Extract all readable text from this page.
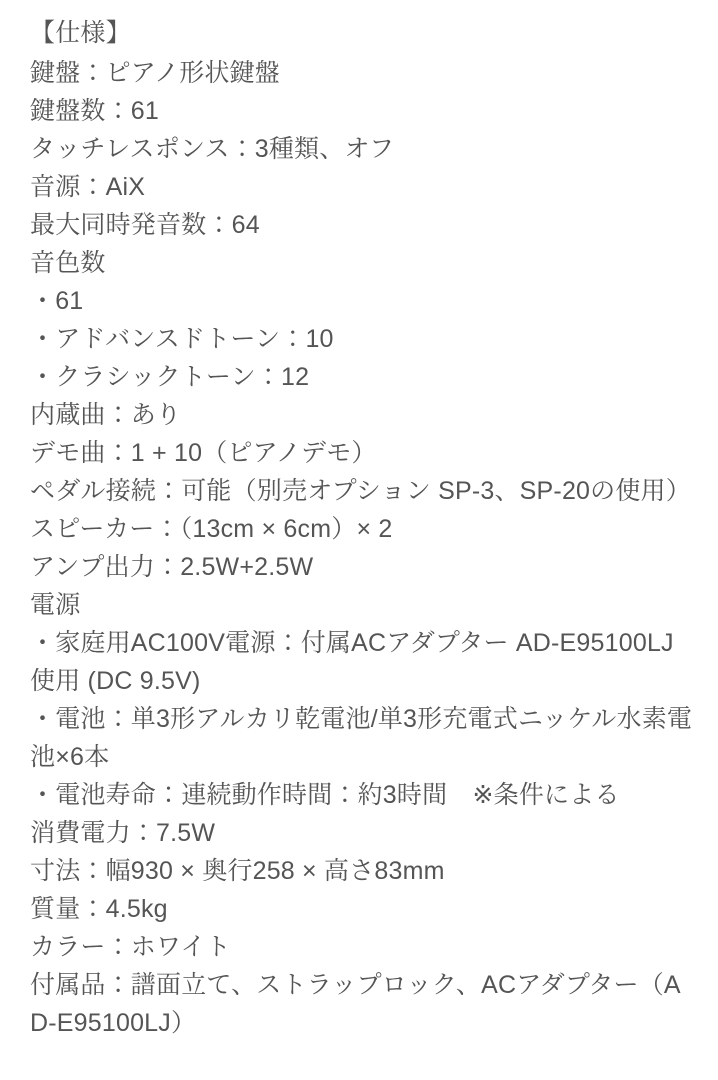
【仕様】
鍵盤：ピアノ形状鍵盤
鍵盤数：61
タッチレスポンス：3種類、オフ
音源：AiX
最大同時発音数：64
音色数
・61
・アドバンスドトーン：10
・クラシックトーン：12
内蔵曲：あり
デモ曲：1 + 10（ピアノデモ）
ペダル接続：可能（別売オプション SP-3、SP-20の使用）
スピーカー：（13cm × 6cm）× 2
アンプ出力：2.5W+2.5W
電源
・家庭用AC100V電源：付属ACアダプター AD-E95100LJ使用 (DC 9.5V)
・電池：単3形アルカリ乾電池/単3形充電式ニッケル水素電池×6本
・電池寿命：連続動作時間：約3時間　※条件による
消費電力：7.5W
寸法：幅930 × 奥行258 × 高さ83mm
質量：4.5kg
カラー：ホワイト
付属品：譜面立て、ストラップロック、ACアダプター（AD-E95100LJ）
